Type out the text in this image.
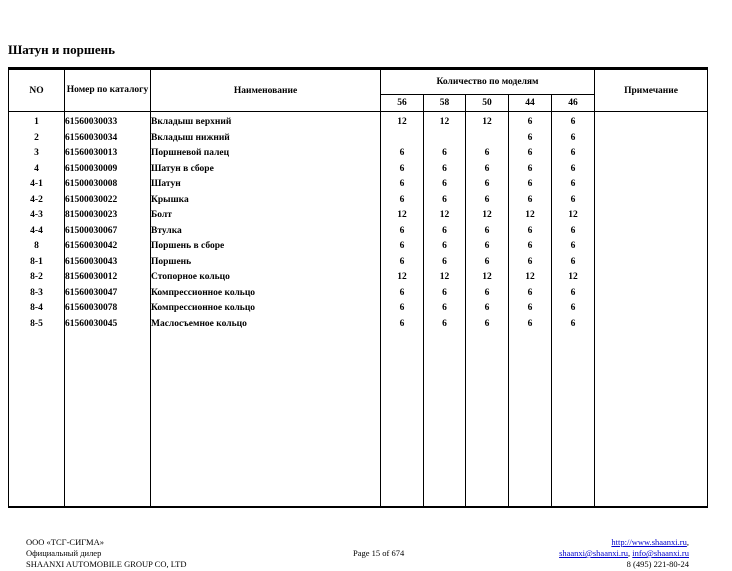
Шатун и поршень
NO	Номер по каталогу	Наименование	Количество по моделям					Примечание
			56	58	50	44	46	
1	61560030033	Вкладыш верхний	12	12	12	6	6	
2	61560030034	Вкладыш нижний				6	6	
3	61560030013	Поршневой палец	6	6	6	6	6	
4	61500030009	Шатун в сборе	6	6	6	6	6	
4-1	61500030008	Шатун	6	6	6	6	6	
4-2	61500030022	Крышка	6	6	6	6	6	
4-3	81500030023	Болт	12	12	12	12	12	
4-4	61500030067	Втулка	6	6	6	6	6	
8	61560030042	Поршень в сборе	6	6	6	6	6	
8-1	61560030043	Поршень	6	6	6	6	6	
8-2	81560030012	Стопорное кольцо	12	12	12	12	12	
8-3	61560030047	Компрессионное кольцо	6	6	6	6	6	
8-4	61560030078	Компрессионное кольцо	6	6	6	6	6	
8-5	61560030045	Маслосъемное кольцо	6	6	6	6	6	

ООО «ТСГ-СИГМА»
Официальный дилер
SHAANXI AUTOMOBILE GROUP CO, LTD
Page 15 of 674
http://www.shaanxi.ru,
shaanxi@shaanxi.ru, info@shaanxi.ru
8 (495) 221-80-24
